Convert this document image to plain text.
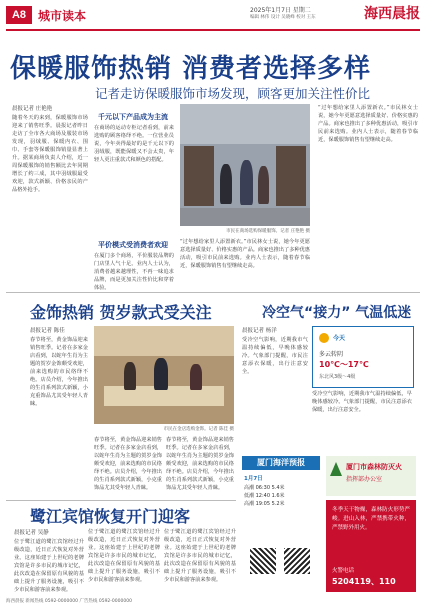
A8 城市读本	2025年1月7日 星期二
编辑 林伟 设计 吴晓峰 校对 王东	海西晨报
保暖服饰热销 消费者选择多样
记者走访保暖服饰市场发现，顾客更加关注性价比
晨报记者 庄艳艳
随着冬天的来到，保暖服饰市场迎来了销售旺季。晨报记者昨日走访了全市各大商场及服装市场发现，羽绒服、保暖内衣、围巾、手套等保暖服饰销量显著上升。据某商场负责人介绍，近一周保暖服饰的销售额比去年同期增长了约三成，其中羽绒服最受欢迎，款式新颖、价格亲民的产品格外抢手。
千元以下产品成为主流
在商场的运动专柜记者看到，前来选购的顾客络绎不绝。一位营业员说，今年卖得最好的是千元以下的羽绒服，既能保暖又不会太贵，年轻人更注重款式和颜色的搭配。
平价模式受消费者欢迎
在厦门多个商场，平价服装品牌的门店里人气十足。业内人士认为，消费者越来越理性，不再一味追求品牌，而是更加关注性价比和穿着体验。
市民在商场选购保暖服饰。记者 庄艳艳 摄
“过年想给家里人添置新衣。”市民林女士说，她今年更愿意选择质量好、价格实惠的产品。商家也推出了多种优惠活动，吸引市民前来选购。业内人士表示，随着春节临近，保暖服饰销售有望继续走高。
“过年想给家里人添置新衣。”市民林女士说，她今年更愿意选择质量好、价格实惠的产品。商家也推出了多种优惠活动，吸引市民前来选购。业内人士表示，随着春节临近，保暖服饰销售有望继续走高。
金饰热销 贺岁款式受关注
晨报记者 陈佳
春节将至，黄金饰品迎来销售旺季。记者在多家金店看到，以蛇年生肖为主题的贺岁金饰颇受欢迎，前来选购的市民络绎不绝。店员介绍，今年推出的生肖系列款式新颖，小克重饰品尤其受年轻人青睐。
市民在金店选购金饰。记者 陈佳 摄
春节将至，黄金饰品迎来销售旺季。记者在多家金店看到，以蛇年生肖为主题的贺岁金饰颇受欢迎，前来选购的市民络绎不绝。店员介绍，今年推出的生肖系列款式新颖，小克重饰品尤其受年轻人青睐。
春节将至，黄金饰品迎来销售旺季。记者在多家金店看到，以蛇年生肖为主题的贺岁金饰颇受欢迎，前来选购的市民络绎不绝。店员介绍，今年推出的生肖系列款式新颖，小克重饰品尤其受年轻人青睐。
冷空气“接力” 气温低迷
晨报记者 杨洋
受冷空气影响，近期我市气温持续偏低，早晚体感较冷。气象部门提醒，市民注意添衣保暖，出行注意安全。
今天
多云转阴
10℃～17℃
东北风3级～4级
受冷空气影响，近期我市气温持续偏低，早晚体感较冷。气象部门提醒，市民注意添衣保暖，出行注意安全。
厦门海洋预报
1月7日
高潮 06:30 5.4米
低潮 12:40 1.6米
高潮 19:05 5.2米
厦门市森林防灭火
指挥部办公室
冬季天干物燥，森林防火形势严峻。进山入林，严禁携带火种，严禁野外用火。
火警电话
5204119、110
鹭江宾馆恢复开门迎客
晨报记者 吴静
位于鹭江道的鹭江宾馆经过升级改造，近日正式恢复对外营业。这座始建于上世纪的老牌宾馆是许多市民的城市记忆，此次改造在保留原有风貌的基础上提升了服务设施，吸引不少市民和游客前来参观。
位于鹭江道的鹭江宾馆经过升级改造，近日正式恢复对外营业。这座始建于上世纪的老牌宾馆是许多市民的城市记忆，此次改造在保留原有风貌的基础上提升了服务设施，吸引不少市民和游客前来参观。
位于鹭江道的鹭江宾馆经过升级改造，近日正式恢复对外营业。这座始建于上世纪的老牌宾馆是许多市民的城市记忆，此次改造在保留原有风貌的基础上提升了服务设施，吸引不少市民和游客前来参观。
海西晨报 新闻热线 0592-0000000 广告热线 0592-0000000
